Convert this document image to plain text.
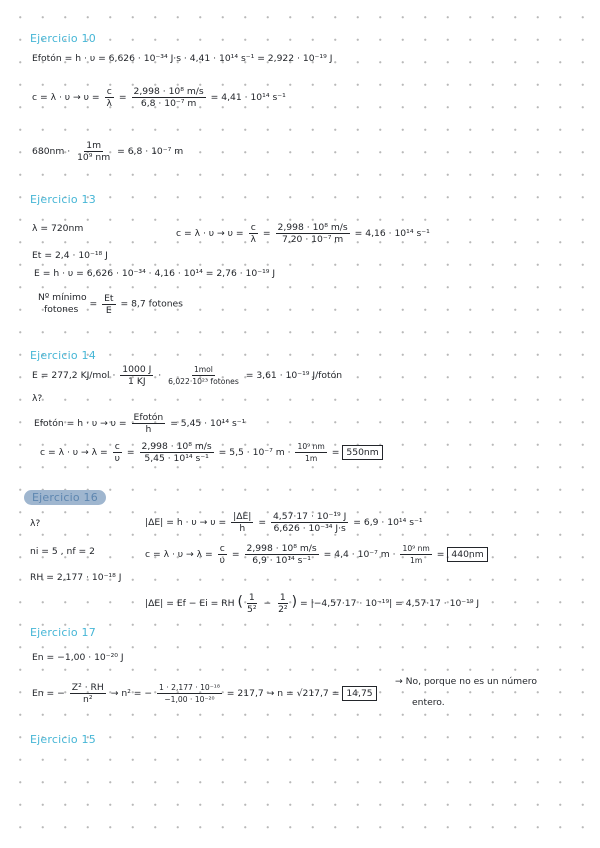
Ejercicio 10
Efotón = h · υ = 6,626 · 10⁻³⁴ J·s · 4,41 · 10¹⁴ s⁻¹ = 2,922 · 10⁻¹⁹ J
$c = \lambda \cdot \upsilon \to \upsilon = \frac{c}{\lambda} = \frac{\text{2,998 · 10⁸ m/s}}{\text{6,8 · 10⁻⁷ m}} = 4,41 \cdot 10^{14}$ s⁻¹
$680nm \cdot \frac{1m}{\text{10⁹ nm}} = 6,8 \cdot 10^{-7}$ m
Ejercicio 13
λ = 720nm	$c = \lambda \cdot \upsilon \to \upsilon = \frac{c}{\lambda} = \frac{\text{2,998 · 10⁸ m/s}}{\text{7,20 · 10⁻⁷ m}} = 4,16 \cdot 10^{14}$ s⁻¹
Et = 2,4 · 10⁻¹⁸ J
E = h · υ = 6,626 · 10⁻³⁴ · 4,16 · 10¹⁴ = 2,76 · 10⁻¹⁹ J
Nº mínimo
fotones	= $\frac{Et}{E} = 8,7$ fotones
Ejercicio 14
E = 277,2 $KJ/mol \cdot \frac{1000 J}{1 KJ} \cdot \frac{\text{1mol}}{\text{6,022·10²³ fotones}} = 3,61 \cdot 10^{-19}$ J/fotón
λ?
Efotón = $h \cdot \upsilon \to \upsilon = \frac{\text{Efotón}}{h} = 5,45 \cdot 10^{14}$ s⁻¹
$c = \lambda \cdot \upsilon \to \lambda = \frac{c}{\upsilon} = \frac{\text{2,998 · 10⁸ m/s}}{\text{5,45 · 10¹⁴ s⁻¹}} = 5,5 \cdot 10^{-7}$ $m \cdot \frac{\text{10⁹ nm}}{1m} = 550nm$
Ejercicio 16
λ?
ni = 5 , nf = 2
RH = 2,177 · 10⁻¹⁸ J
$|\Delta E| = h \cdot \upsilon \to \upsilon = \frac{|\Delta E|}{h} = \frac{\text{4,57·17 · 10⁻¹⁹ J}}{\text{6,626 · 10⁻³⁴ J·s}} = 6,9 \cdot 10^{14}$ s⁻¹
$c = \lambda \cdot \upsilon \to \lambda = \frac{c}{\upsilon} = \frac{\text{2,998 · 10⁸ m/s}}{\text{6,9 · 10¹⁴ s⁻¹}} = 4,4 \cdot 10^{-7}$ $m \cdot \frac{\text{10⁹ nm}}{1m} = 440nm$
|ΔE| = Ef − Ei = RH ( $\frac{1}{\text{5²}} - \frac{1}{\text{2²}}$ ) = |−4,57·17 · 10⁻¹⁹| = 4,57·17 · 10⁻¹⁹ J
Ejercicio 17
En = −1,00 · 10⁻²⁰ J
En = − $\frac{\text{Z² · RH}}{\text{n²}} \to n^2$ = − $\frac{\text{1 · 2,177 · 10⁻¹⁸}}{\text{−1,00 · 10⁻²⁰}} = 217,7 \to n = √217,7 = 14,75$
→ No, porque no es un número
entero.
Ejercicio 15
